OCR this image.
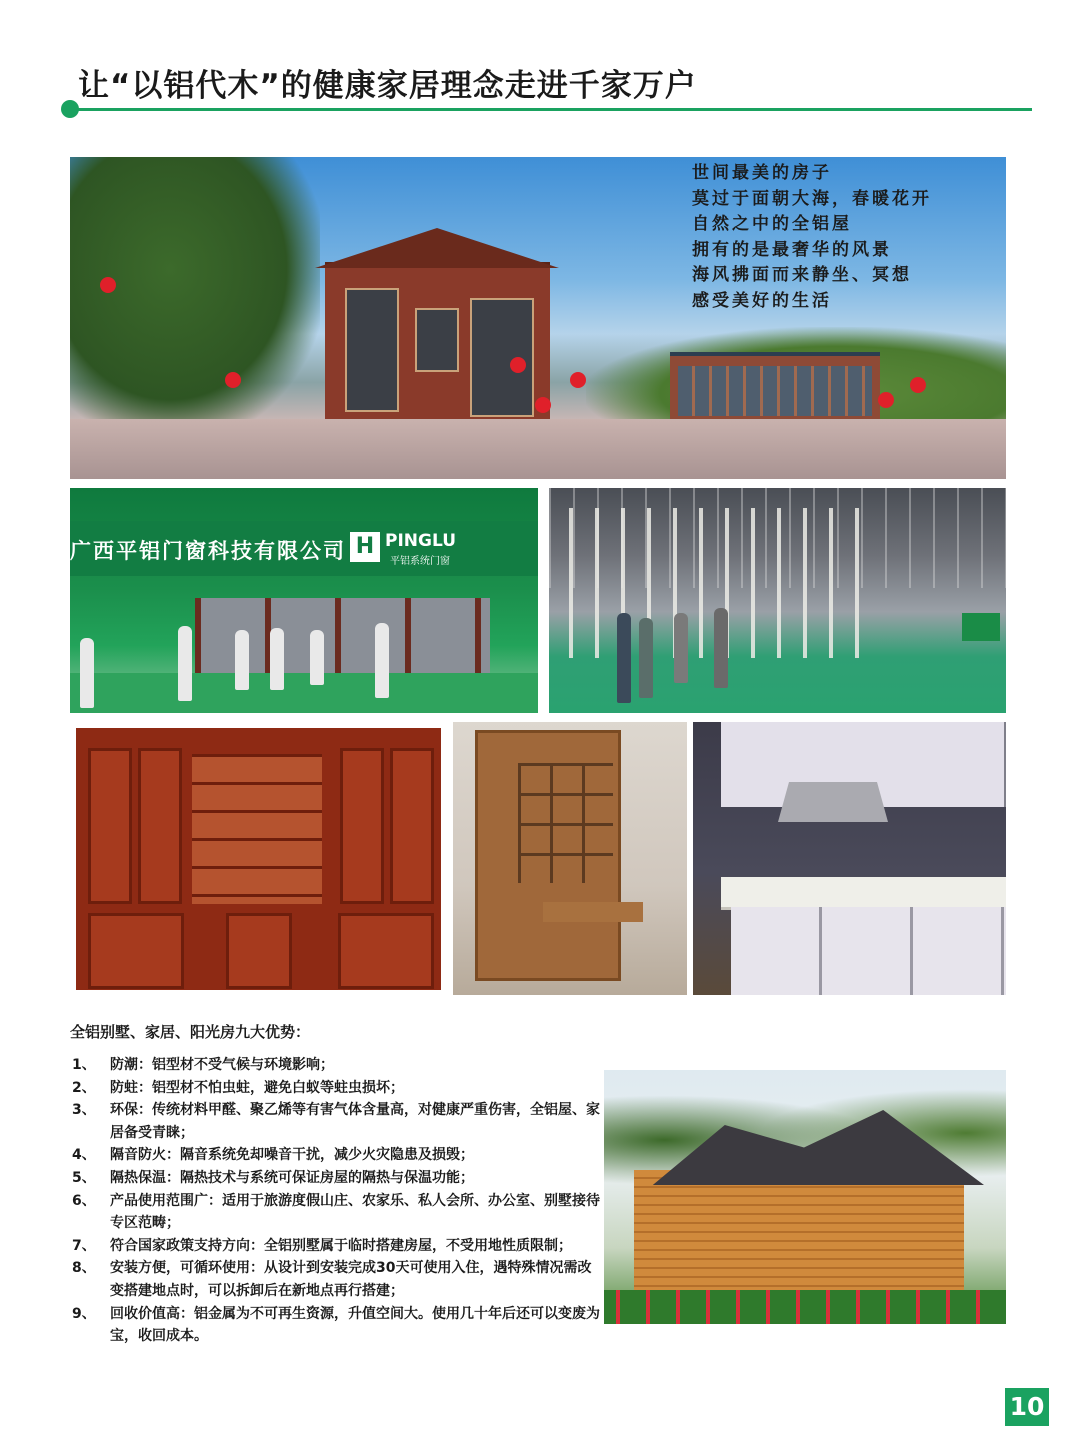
让“以铝代木”的健康家居理念走进千家万户
世间最美的房子
莫过于面朝大海，春暖花开
自然之中的全铝屋
拥有的是最奢华的风景
海风拂面而来静坐、冥想
感受美好的生活
广西平铝门窗科技有限公司 H PINGLU
平铝系统门窗
全铝别墅、家居、阳光房九大优势：
1、	防潮：铝型材不受气候与环境影响；
2、	防蛀：铝型材不怕虫蛀，避免白蚁等蛀虫损坏；
3、	环保：传统材料甲醛、聚乙烯等有害气体含量高，对健康严重伤害，全铝屋、家居备受青睐；
4、	隔音防火：隔音系统免却噪音干扰，减少火灾隐患及损毁；
5、	隔热保温：隔热技术与系统可保证房屋的隔热与保温功能；
6、	产品使用范围广：适用于旅游度假山庄、农家乐、私人会所、办公室、别墅接待专区范畴；
7、	符合国家政策支持方向：全铝别墅属于临时搭建房屋，不受用地性质限制；
8、	安装方便，可循环使用：从设计到安装完成30天可使用入住，遇特殊情况需改变搭建地点时，可以拆卸后在新地点再行搭建；
9、	回收价值高：铝金属为不可再生资源，升值空间大。使用几十年后还可以变废为宝，收回成本。
10
